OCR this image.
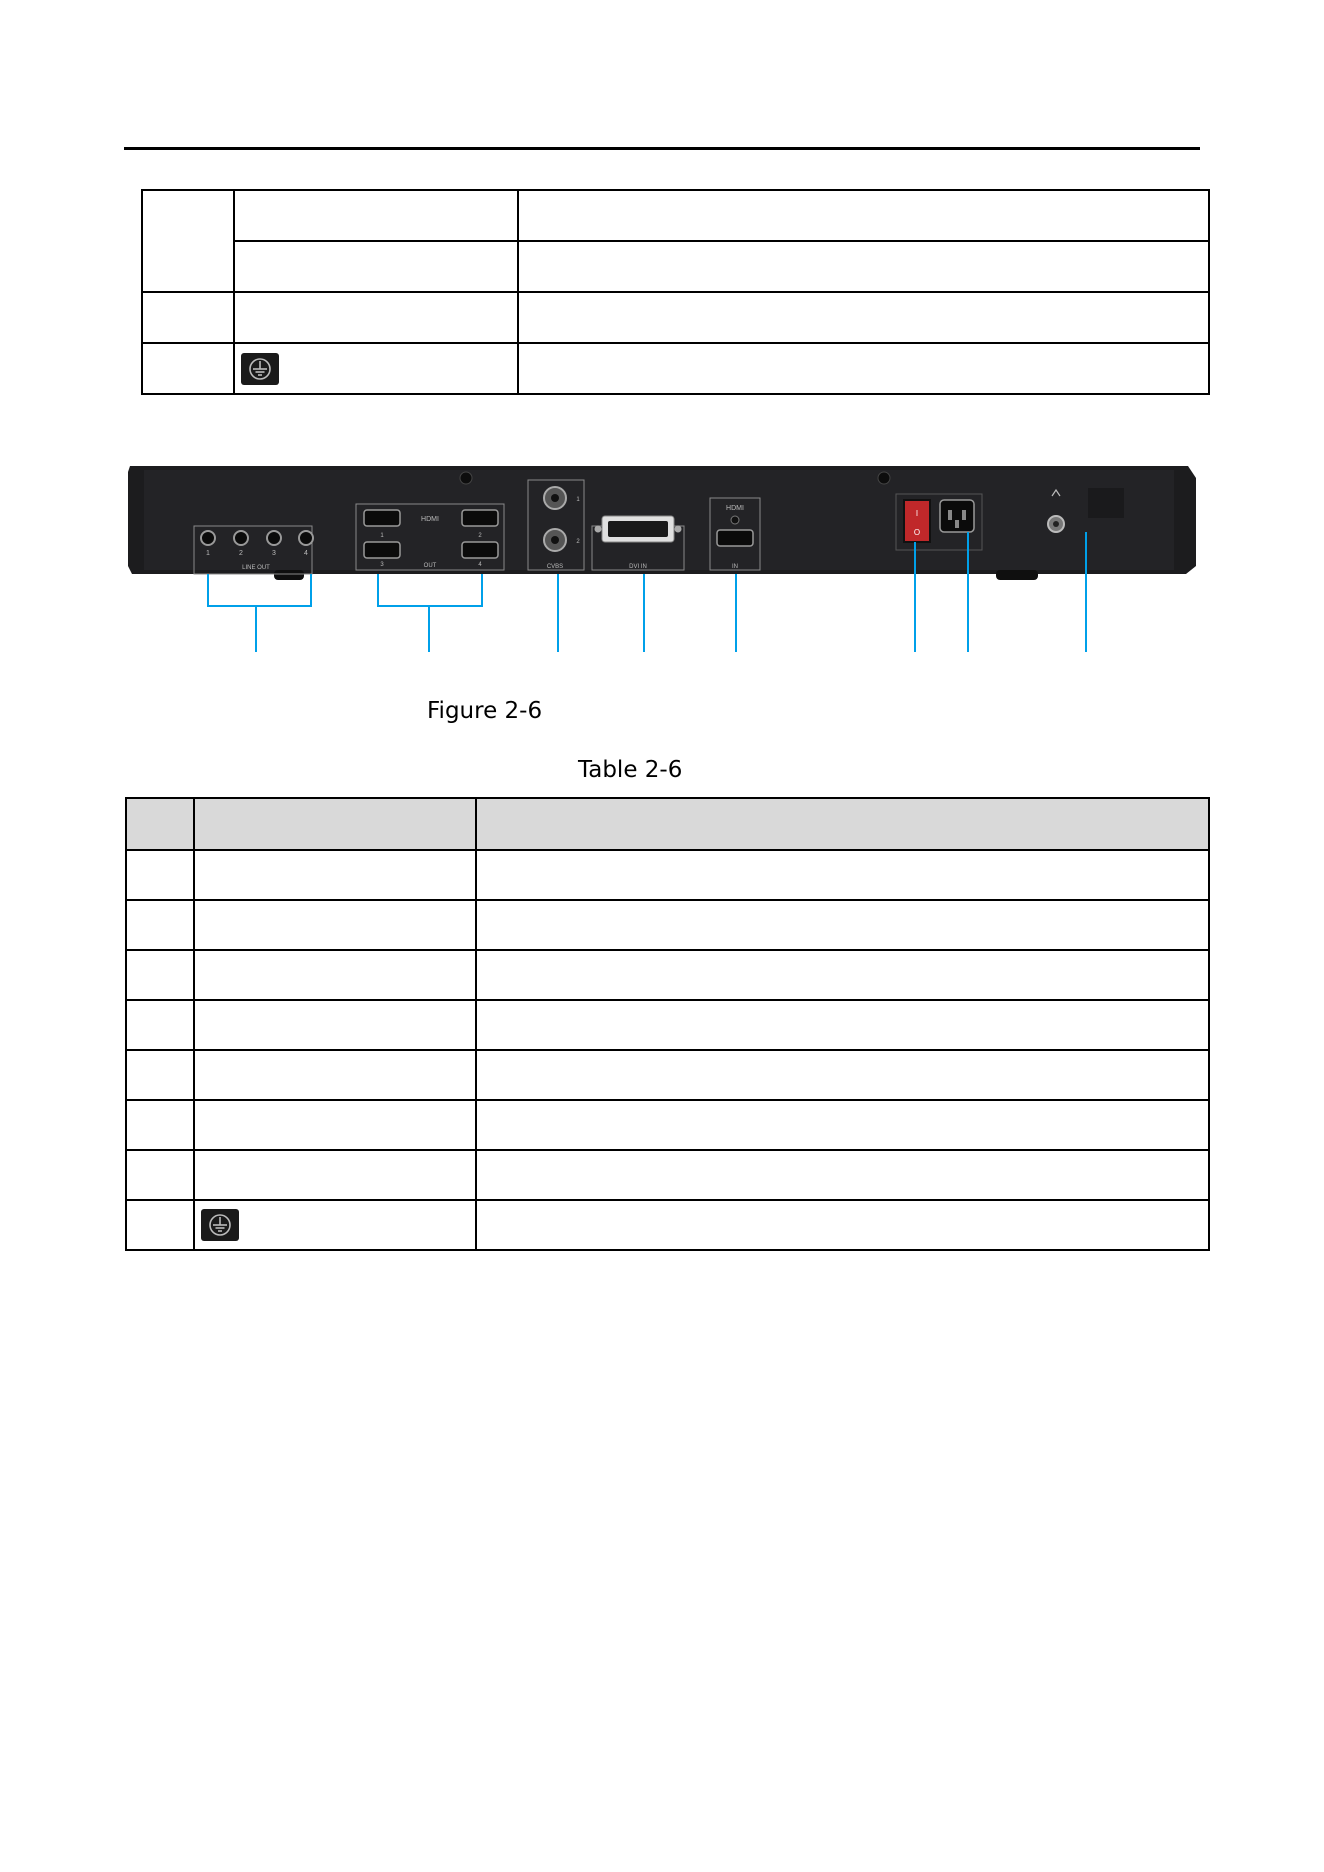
1	2	3	4
LINE OUT
HDMI
OUT
1	2
3	4
1
2
CVBS	DVI IN
HDMI
IN
I
O

Figure 2-6

Table 2-6
